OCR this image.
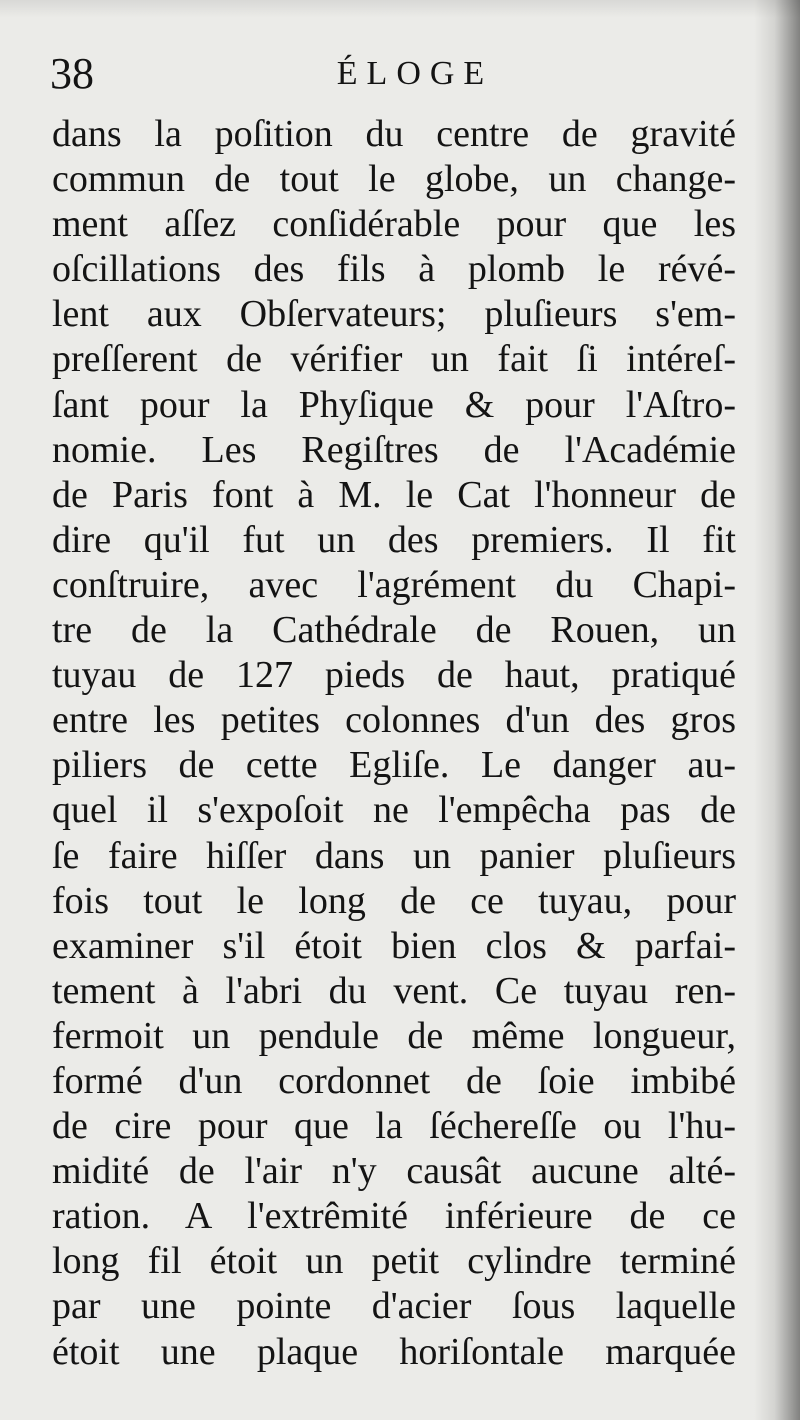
38	ÉLOGE
dans la poſition du centre de gravité
commun de tout le globe, un change-
ment aſſez conſidérable pour que les
oſcillations des fils à plomb le révé-
lent aux Obſervateurs; pluſieurs s'em-
preſſerent de vérifier un fait ſi intéreſ-
ſant pour la Phyſique & pour l'Aſtro-
nomie. Les Regiſtres de l'Académie
de Paris font à M. le Cat l'honneur de
dire qu'il fut un des premiers. Il fit
conſtruire, avec l'agrément du Chapi-
tre de la Cathédrale de Rouen, un
tuyau de 127 pieds de haut, pratiqué
entre les petites colonnes d'un des gros
piliers de cette Egliſe. Le danger au-
quel il s'expoſoit ne l'empêcha pas de
ſe faire hiſſer dans un panier pluſieurs
fois tout le long de ce tuyau, pour
examiner s'il étoit bien clos & parfai-
tement à l'abri du vent. Ce tuyau ren-
fermoit un pendule de même longueur,
formé d'un cordonnet de ſoie imbibé
de cire pour que la ſéchereſſe ou l'hu-
midité de l'air n'y causât aucune alté-
ration. A l'extrêmité inférieure de ce
long fil étoit un petit cylindre terminé
par une pointe d'acier ſous laquelle
étoit une plaque horiſontale marquée
